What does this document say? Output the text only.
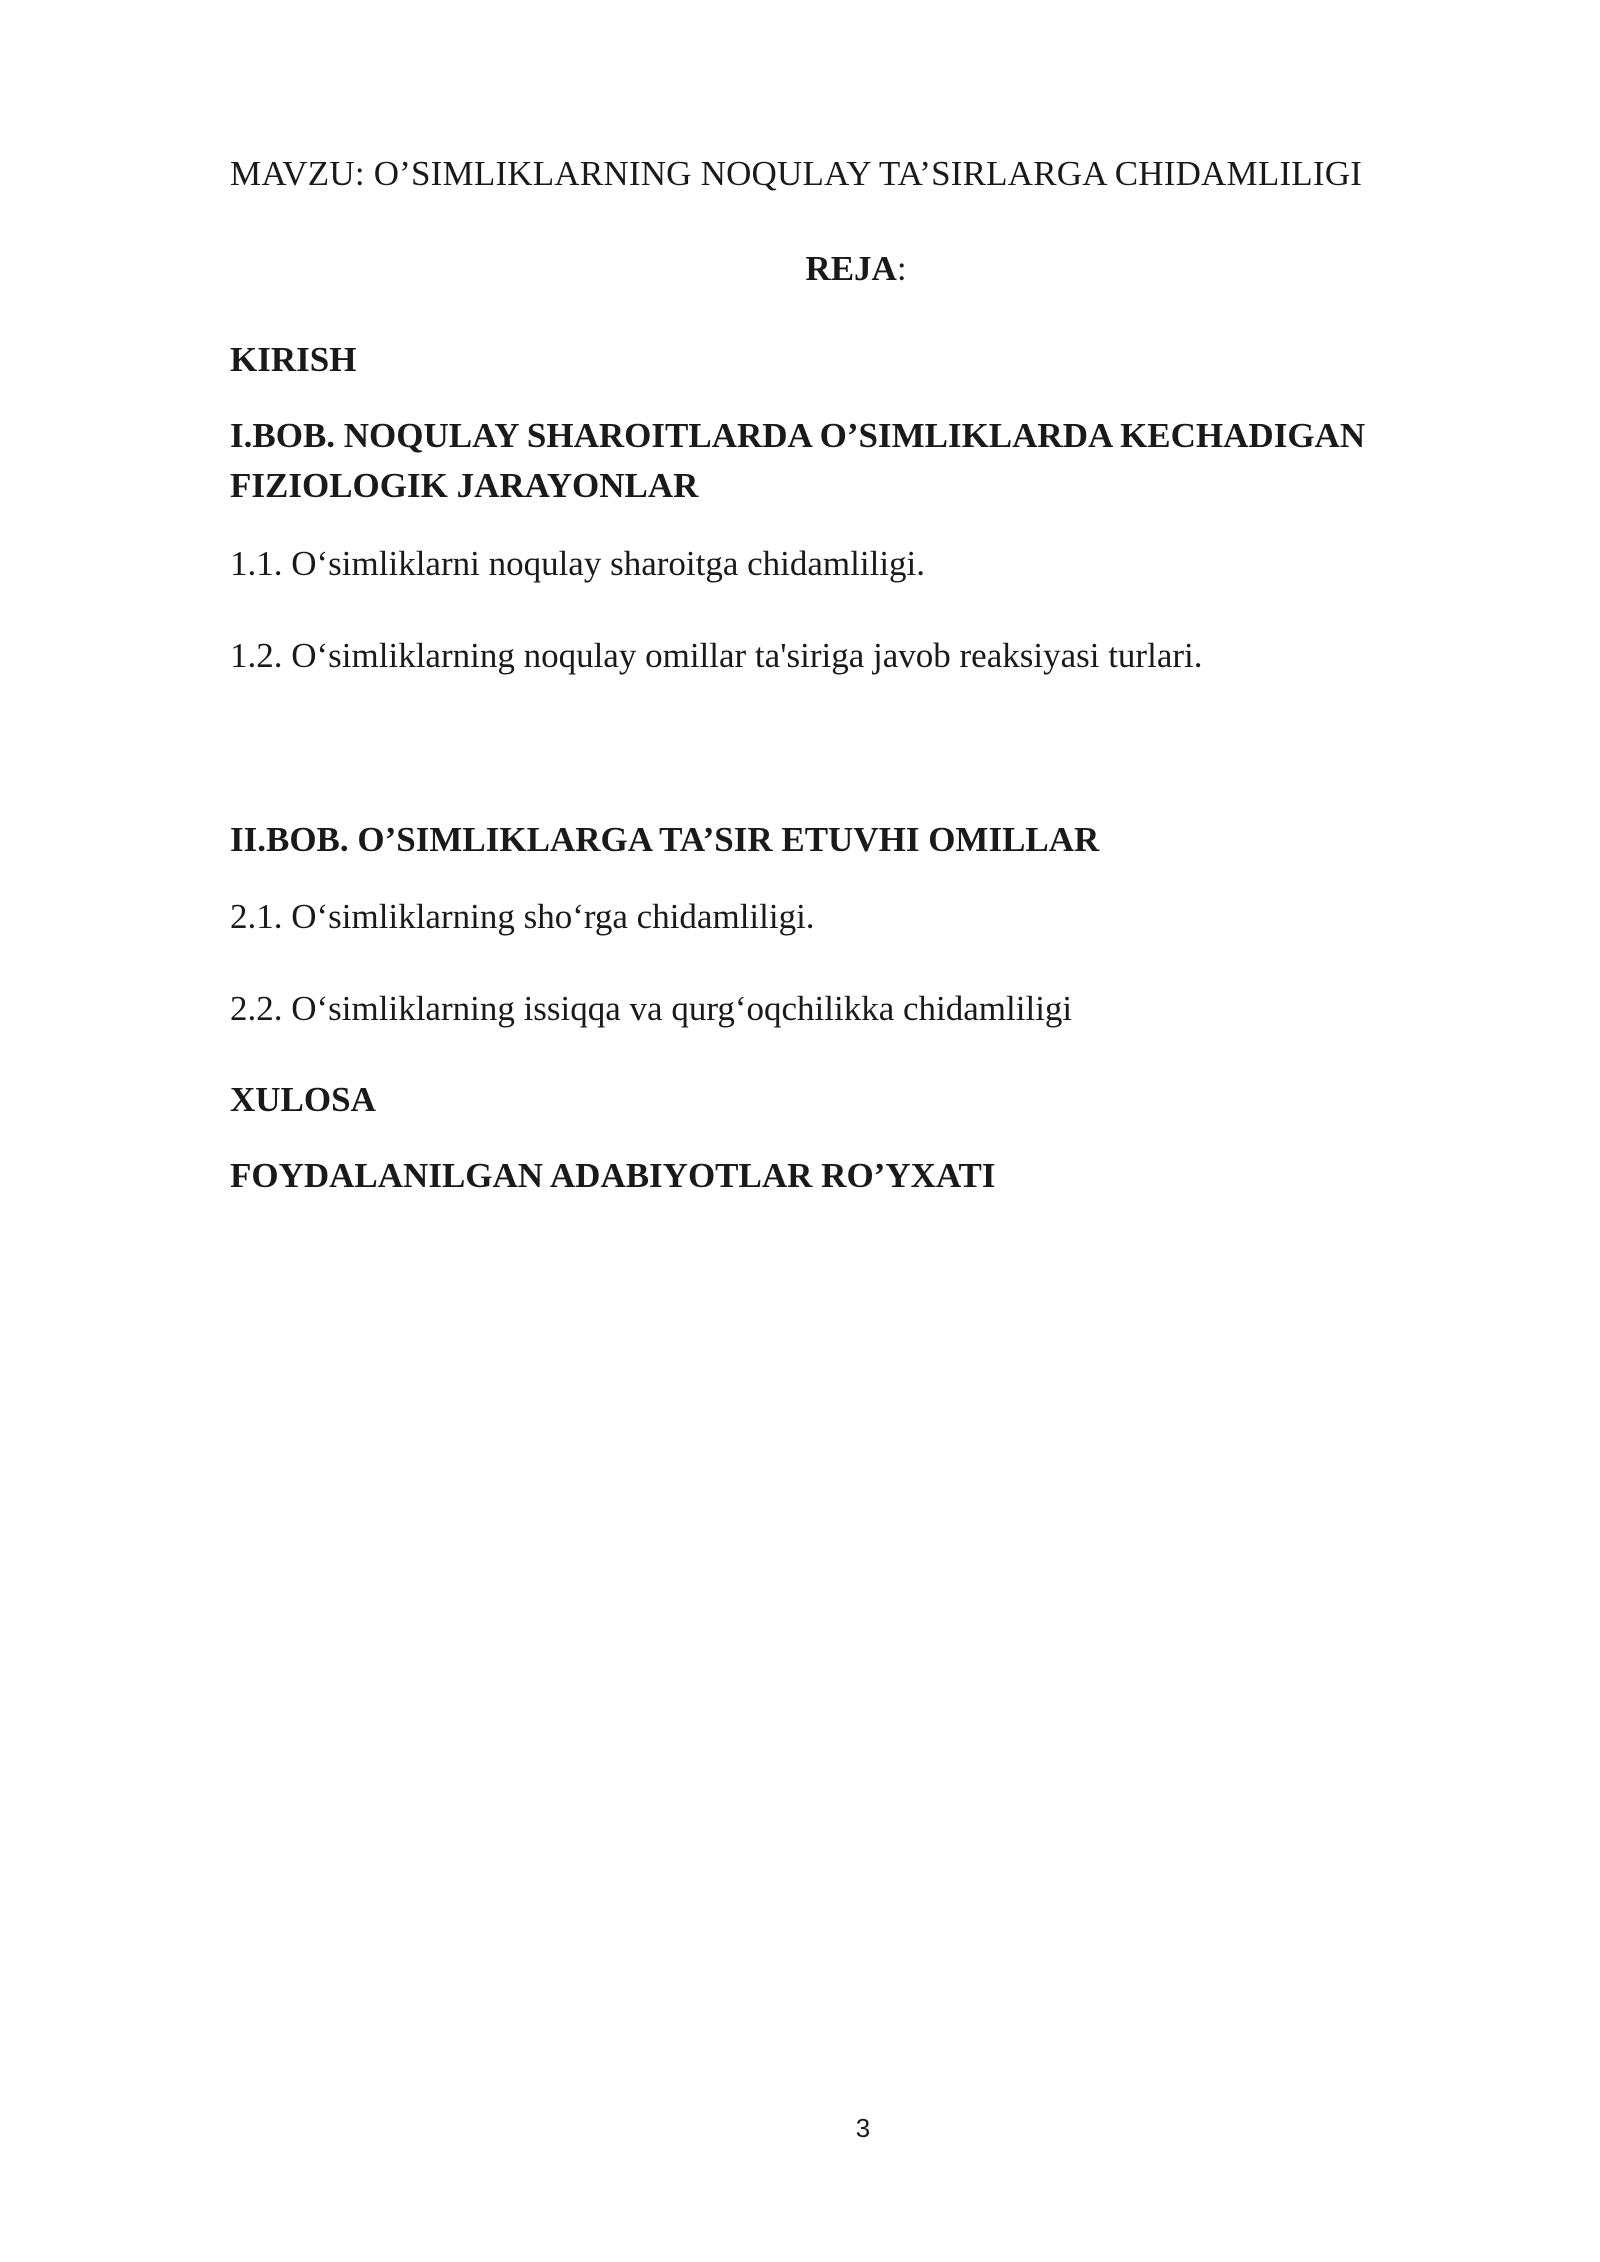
MAVZU: O’SIMLIKLARNING NOQULAY TA’SIRLARGA CHIDAMLILIGI
REJA:
KIRISH
I.BOB. NOQULAY SHAROITLARDA O’SIMLIKLARDA KECHADIGAN
FIZIOLOGIK JARAYONLAR
1.1. O‘simliklarni noqulay sharoitga chidamliligi.
1.2. O‘simliklarning noqulay omillar ta'siriga javob reaksiyasi turlari.
II.BOB. O’SIMLIKLARGA TA’SIR ETUVHI OMILLAR
2.1. O‘simliklarning sho‘rga chidamliligi.
2.2. O‘simliklarning issiqqa va qurg‘oqchilikka chidamliligi
XULOSA
FOYDALANILGAN ADABIYOTLAR RO’YXATI
3
